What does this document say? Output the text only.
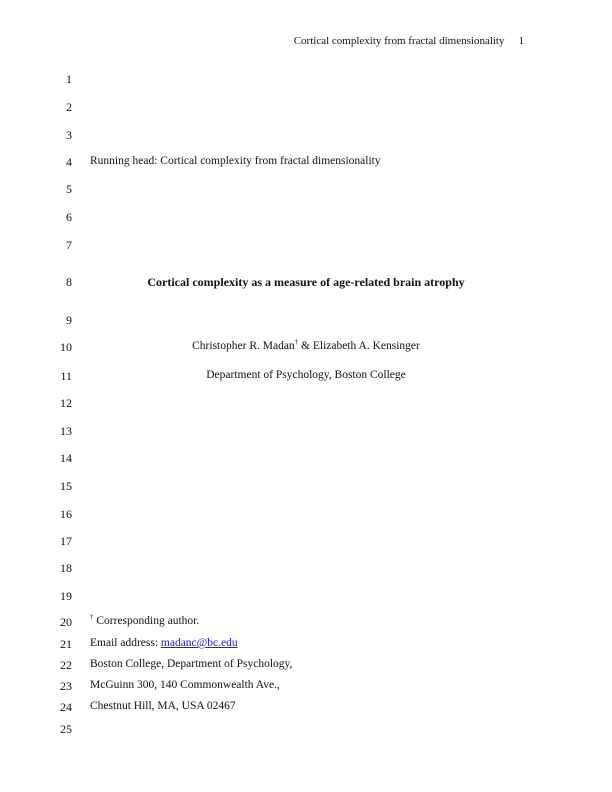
Cortical complexity from fractal dimensionality 1
1
2
3
4
5
6
7
8
9
10
11
12
13
14
15
16
17
18
19
20
21
22
23
24
25
Running head: Cortical complexity from fractal dimensionality
Cortical complexity as a measure of age-related brain atrophy
Christopher R. Madan† & Elizabeth A. Kensinger
Department of Psychology, Boston College
† Corresponding author.
Email address: madanc@bc.edu
Boston College, Department of Psychology,
McGuinn 300, 140 Commonwealth Ave.,
Chestnut Hill, MA, USA 02467
